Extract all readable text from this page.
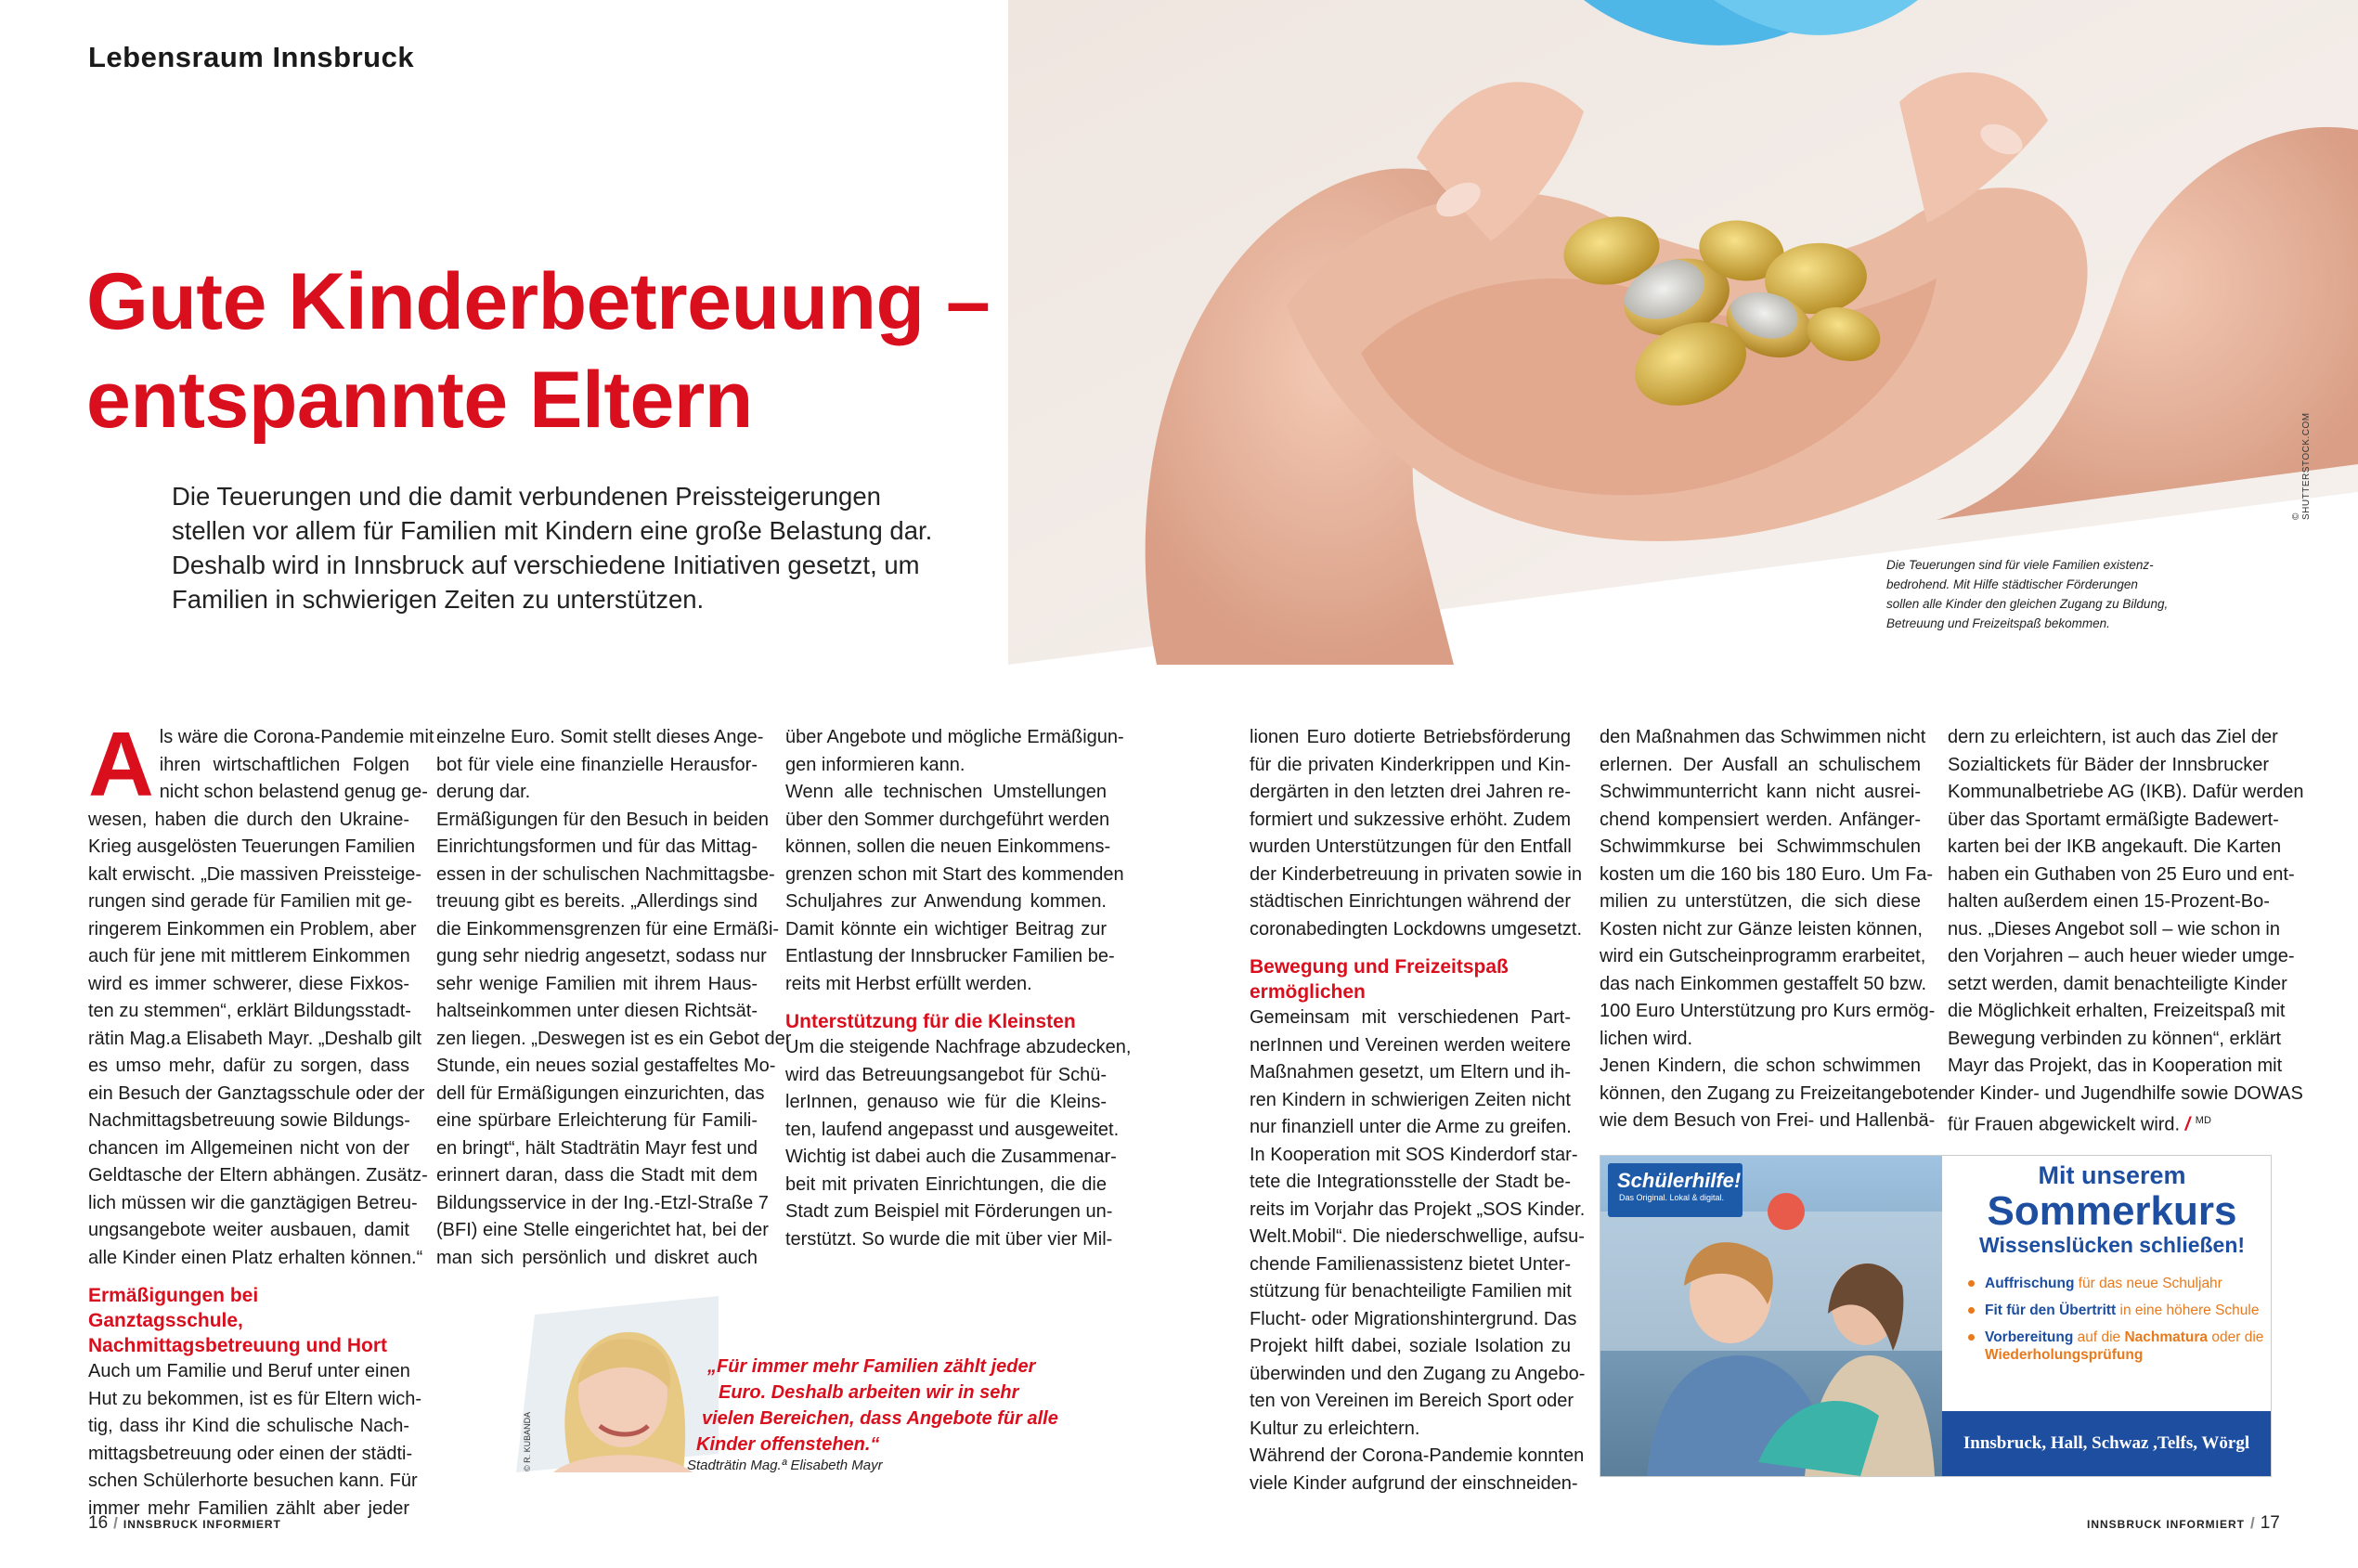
Lebensraum Innsbruck
Gute Kinderbetreuung –
entspannte Eltern
Die Teuerungen und die damit verbundenen Preissteigerungen
stellen vor allem für Familien mit Kindern eine große Belastung dar.
Deshalb wird in Innsbruck auf verschiedene Initiativen gesetzt, um
Familien in schwierigen Zeiten zu unterstützen.
© SHUTTERSTOCK.COM
Die Teuerungen sind für viele Familien existenz-
bedrohend. Mit Hilfe städtischer Förderungen
sollen alle Kinder den gleichen Zugang zu Bildung,
Betreuung und Freizeitspaß bekommen.
A ls wäre die Corona-Pandemie mit
ihren wirtschaftlichen Folgen
nicht schon belastend genug ge-
wesen, haben die durch den Ukraine-
Krieg ausgelösten Teuerungen Familien
kalt erwischt. „Die massiven Preissteige-
rungen sind gerade für Familien mit ge-
ringerem Einkommen ein Problem, aber
auch für jene mit mittlerem Einkommen
wird es immer schwerer, diese Fixkos-
ten zu stemmen“, erklärt Bildungsstadt-
rätin Mag.a Elisabeth Mayr. „Deshalb gilt
es umso mehr, dafür zu sorgen, dass
ein Besuch der Ganztagsschule oder der
Nachmittagsbetreuung sowie Bildungs-
chancen im Allgemeinen nicht von der
Geldtasche der Eltern abhängen. Zusätz-
lich müssen wir die ganztägigen Betreu-
ungsangebote weiter ausbauen, damit
alle Kinder einen Platz erhalten können.“
Ermäßigungen bei Ganztagsschule,
Nachmittagsbetreuung und Hort
Auch um Familie und Beruf unter einen
Hut zu bekommen, ist es für Eltern wich-
tig, dass ihr Kind die schulische Nach-
mittagsbetreuung oder einen der städti-
schen Schülerhorte besuchen kann. Für
immer mehr Familien zählt aber jeder
einzelne Euro. Somit stellt dieses Ange-
bot für viele eine finanzielle Herausfor-
derung dar.
Ermäßigungen für den Besuch in beiden
Einrichtungsformen und für das Mittag-
essen in der schulischen Nachmittagsbe-
treuung gibt es bereits. „Allerdings sind
die Einkommensgrenzen für eine Ermäßi-
gung sehr niedrig angesetzt, sodass nur
sehr wenige Familien mit ihrem Haus-
haltseinkommen unter diesen Richtsät-
zen liegen. „Deswegen ist es ein Gebot der
Stunde, ein neues sozial gestaffeltes Mo-
dell für Ermäßigungen einzurichten, das
eine spürbare Erleichterung für Famili-
en bringt“, hält Stadträtin Mayr fest und
erinnert daran, dass die Stadt mit dem
Bildungsservice in der Ing.-Etzl-Straße 7
(BFI) eine Stelle eingerichtet hat, bei der
man sich persönlich und diskret auch
über Angebote und mögliche Ermäßigun-
gen informieren kann.
Wenn alle technischen Umstellungen
über den Sommer durchgeführt werden
können, sollen die neuen Einkommens-
grenzen schon mit Start des kommenden
Schuljahres zur Anwendung kommen.
Damit könnte ein wichtiger Beitrag zur
Entlastung der Innsbrucker Familien be-
reits mit Herbst erfüllt werden.
Unterstützung für die Kleinsten
Um die steigende Nachfrage abzudecken,
wird das Betreuungsangebot für Schü-
lerInnen, genauso wie für die Kleins-
ten, laufend angepasst und ausgeweitet.
Wichtig ist dabei auch die Zusammenar-
beit mit privaten Einrichtungen, die die
Stadt zum Beispiel mit Förderungen un-
terstützt. So wurde die mit über vier Mil-
© R. KUBANDA
„Für immer mehr Familien zählt jeder
Euro. Deshalb arbeiten wir in sehr
vielen Bereichen, dass Angebote für alle
Kinder offenstehen.“
Stadträtin Mag.ª Elisabeth Mayr
lionen Euro dotierte Betriebsförderung
für die privaten Kinderkrippen und Kin-
dergärten in den letzten drei Jahren re-
formiert und sukzessive erhöht. Zudem
wurden Unterstützungen für den Entfall
der Kinderbetreuung in privaten sowie in
städtischen Einrichtungen während der
coronabedingten Lockdowns umgesetzt.
Bewegung und Freizeitspaß
ermöglichen
Gemeinsam mit verschiedenen Part-
nerInnen und Vereinen werden weitere
Maßnahmen gesetzt, um Eltern und ih-
ren Kindern in schwierigen Zeiten nicht
nur finanziell unter die Arme zu greifen.
In Kooperation mit SOS Kinderdorf star-
tete die Integrationsstelle der Stadt be-
reits im Vorjahr das Projekt „SOS Kinder.
Welt.Mobil“. Die niederschwellige, aufsu-
chende Familienassistenz bietet Unter-
stützung für benachteiligte Familien mit
Flucht- oder Migrationshintergrund. Das
Projekt hilft dabei, soziale Isolation zu
überwinden und den Zugang zu Angebo-
ten von Vereinen im Bereich Sport oder
Kultur zu erleichtern.
Während der Corona-Pandemie konnten
viele Kinder aufgrund der einschneiden-
den Maßnahmen das Schwimmen nicht
erlernen. Der Ausfall an schulischem
Schwimmunterricht kann nicht ausrei-
chend kompensiert werden. Anfänger-
Schwimmkurse bei Schwimmschulen
kosten um die 160 bis 180 Euro. Um Fa-
milien zu unterstützen, die sich diese
Kosten nicht zur Gänze leisten können,
wird ein Gutscheinprogramm erarbeitet,
das nach Einkommen gestaffelt 50 bzw.
100 Euro Unterstützung pro Kurs ermög-
lichen wird.
Jenen Kindern, die schon schwimmen
können, den Zugang zu Freizeitangeboten
wie dem Besuch von Frei- und Hallenbä-
dern zu erleichtern, ist auch das Ziel der
Sozialtickets für Bäder der Innsbrucker
Kommunalbetriebe AG (IKB). Dafür werden
über das Sportamt ermäßigte Badewert-
karten bei der IKB angekauft. Die Karten
haben ein Guthaben von 25 Euro und ent-
halten außerdem einen 15-Prozent-Bo-
nus. „Dieses Angebot soll – wie schon in
den Vorjahren – auch heuer wieder umge-
setzt werden, damit benachteiligte Kinder
die Möglichkeit erhalten, Freizeitspaß mit
Bewegung verbinden zu können“, erklärt
Mayr das Projekt, das in Kooperation mit
der Kinder- und Jugendhilfe sowie DOWAS
für Frauen abgewickelt wird. / $^{MD}$
Schülerhilfe!
Das Original. Lokal & digital.
Mit unserem
Sommerkurs
Wissenslücken schließen!
Auffrischung für das neue Schuljahr
Fit für den Übertritt in eine höhere Schule
Vorbereitung auf die Nachmatura oder die Wiederholungsprüfung
Innsbruck, Hall, Schwaz ,Telfs, Wörgl
16 / INNSBRUCK INFORMIERT	INNSBRUCK INFORMIERT / 17
